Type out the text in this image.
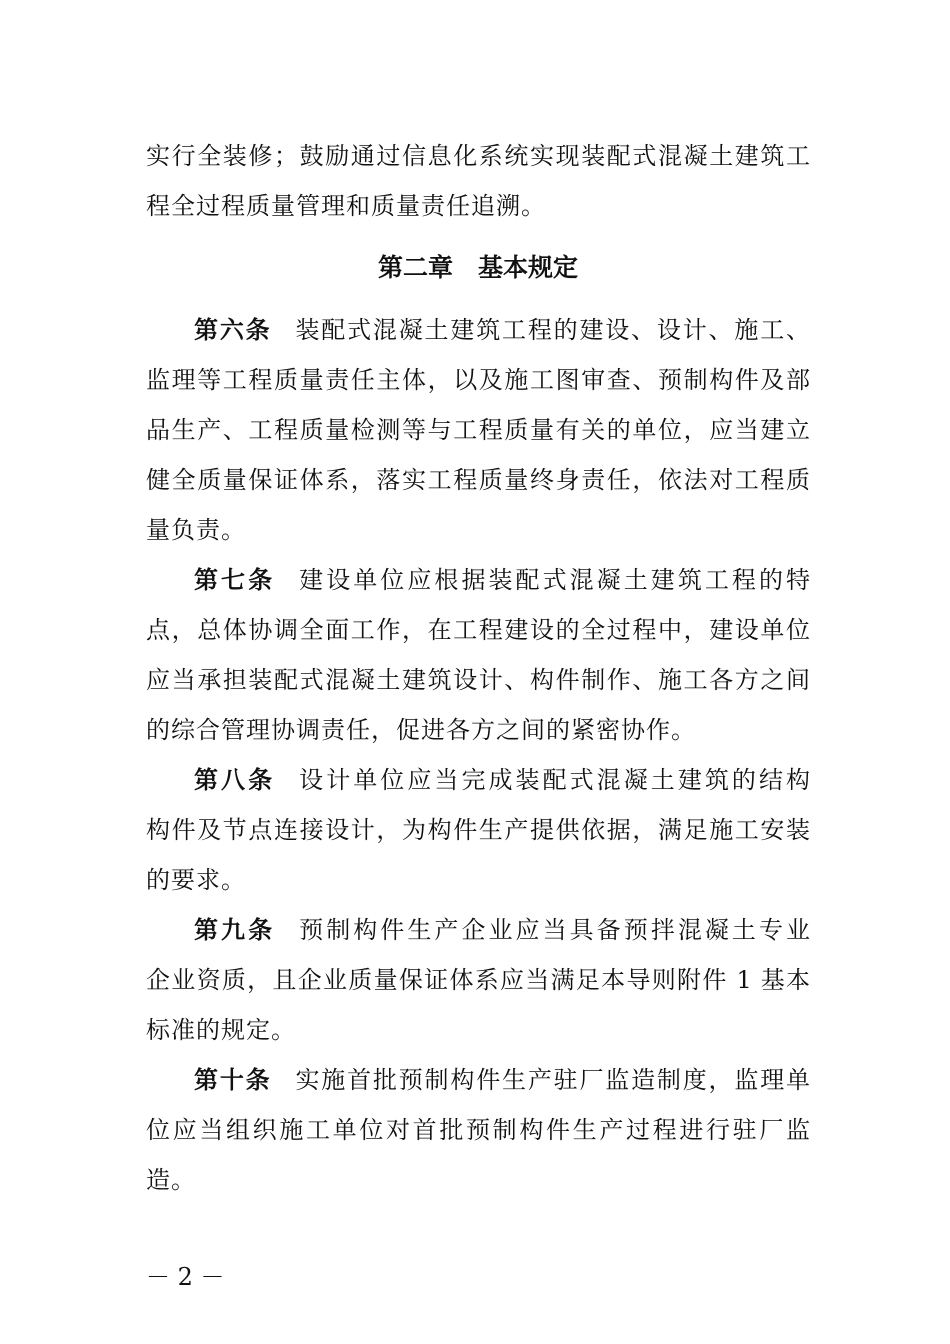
实行全装修；鼓励通过信息化系统实现装配式混凝土建筑工
程全过程质量管理和质量责任追溯。
第二章　基本规定
第六条 装配式混凝土建筑工程的建设、设计、施工、
监理等工程质量责任主体，以及施工图审查、预制构件及部
品生产、工程质量检测等与工程质量有关的单位，应当建立
健全质量保证体系，落实工程质量终身责任，依法对工程质
量负责。
第七条 建设单位应根据装配式混凝土建筑工程的特
点，总体协调全面工作，在工程建设的全过程中，建设单位
应当承担装配式混凝土建筑设计、构件制作、施工各方之间
的综合管理协调责任，促进各方之间的紧密协作。
第八条 设计单位应当完成装配式混凝土建筑的结构
构件及节点连接设计，为构件生产提供依据，满足施工安装
的要求。
第九条 预制构件生产企业应当具备预拌混凝土专业
企业资质，且企业质量保证体系应当满足本导则附件 1 基本
标准的规定。
第十条 实施首批预制构件生产驻厂监造制度，监理单
位应当组织施工单位对首批预制构件生产过程进行驻厂监
造。
－ 2 －
